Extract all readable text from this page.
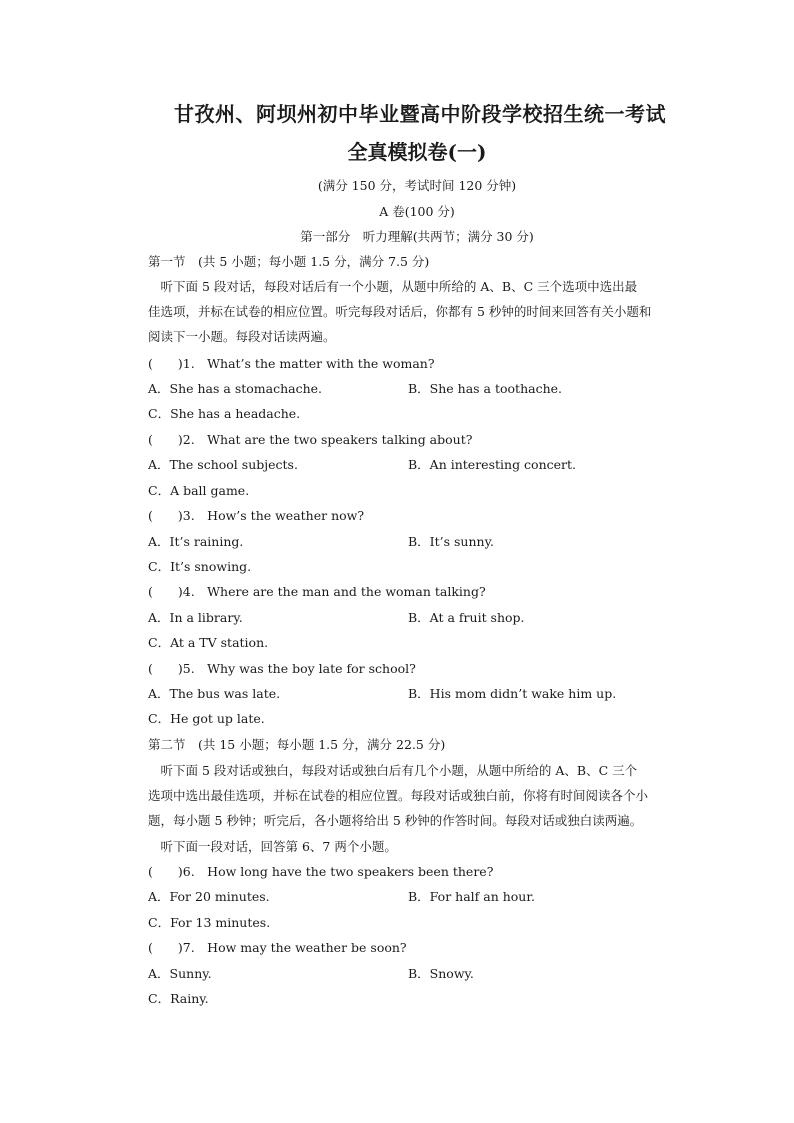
甘孜州、阿坝州初中毕业暨高中阶段学校招生统一考试
全真模拟卷(一)
(满分 150 分，考试时间 120 分钟)
A 卷(100 分)
第一部分　听力理解(共两节；满分 30 分)
第一节　(共 5 小题；每小题 1.5 分，满分 7.5 分)
　听下面 5 段对话，每段对话后有一个小题，从题中所给的 A、B、C 三个选项中选出最
佳选项，并标在试卷的相应位置。听完每段对话后，你都有 5 秒钟的时间来回答有关小题和
阅读下一小题。每段对话读两遍。
(　　)1.　What’s the matter with the woman?
A．She has a stomachache.	B．She has a toothache.
C．She has a headache.
(　　)2.　What are the two speakers talking about?
A．The school subjects.	B．An interesting concert.
C．A ball game.
(　　)3.　How’s the weather now?
A．It’s raining.	B．It’s sunny.
C．It’s snowing.
(　　)4.　Where are the man and the woman talking?
A．In a library.	B．At a fruit shop.
C．At a TV station.
(　　)5.　Why was the boy late for school?
A．The bus was late.	B．His mom didn’t wake him up.
C．He got up late.
第二节　(共 15 小题；每小题 1.5 分，满分 22.5 分)
　听下面 5 段对话或独白，每段对话或独白后有几个小题，从题中所给的 A、B、C 三个
选项中选出最佳选项，并标在试卷的相应位置。每段对话或独白前，你将有时间阅读各个小
题，每小题 5 秒钟；听完后，各小题将给出 5 秒钟的作答时间。每段对话或独白读两遍。
　听下面一段对话，回答第 6、7 两个小题。
(　　)6.　How long have the two speakers been there?
A．For 20 minutes.	B．For half an hour.
C．For 13 minutes.
(　　)7.　How may the weather be soon?
A．Sunny.	B．Snowy.
C．Rainy.
